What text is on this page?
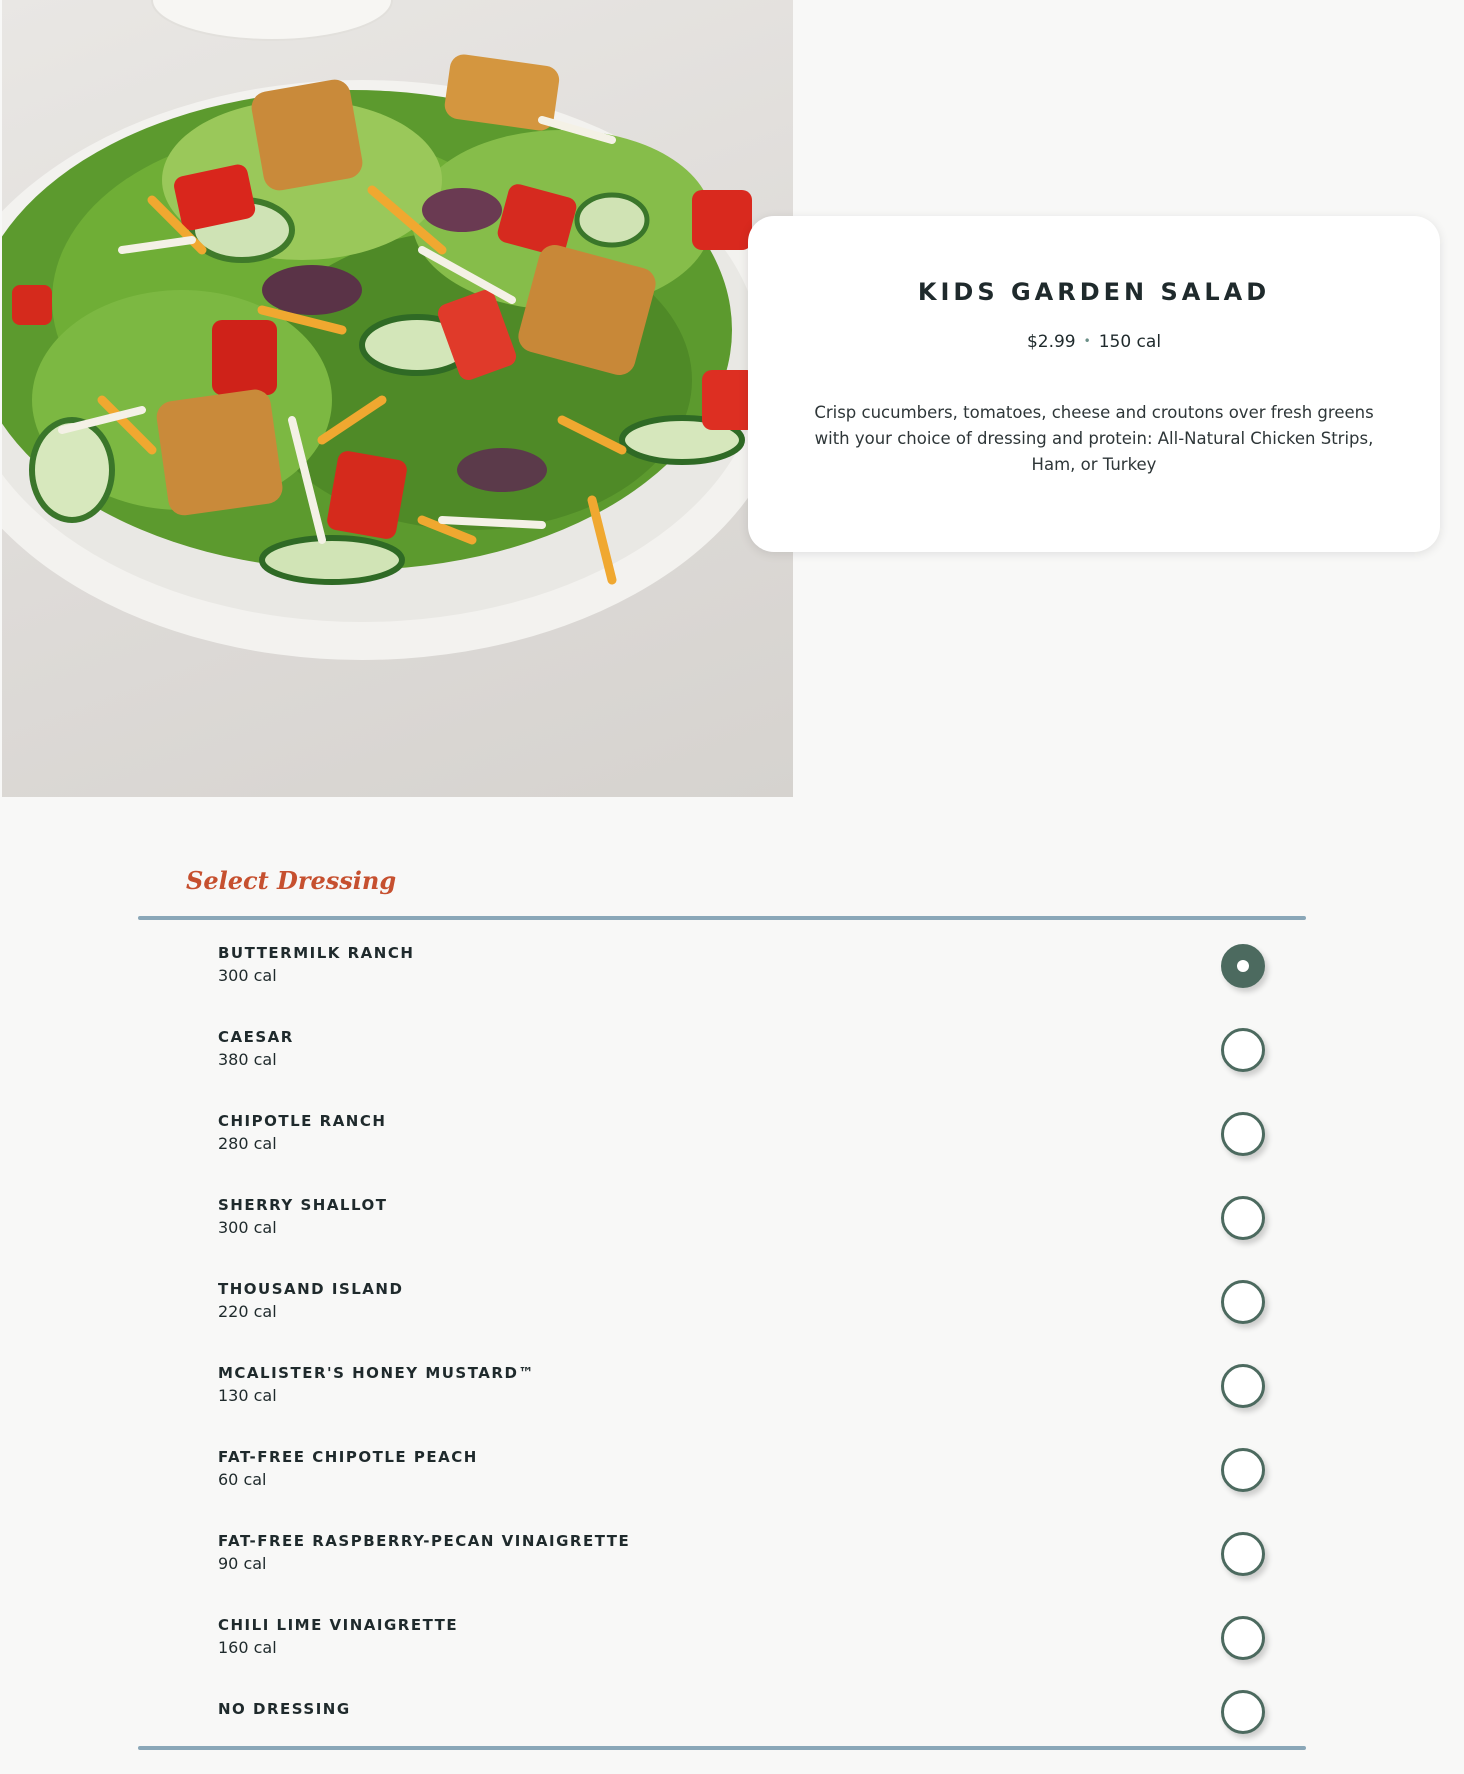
KIDS GARDEN SALAD
$2.99 • 150 cal
Crisp cucumbers, tomatoes, cheese and croutons over fresh greens with your choice of dressing and protein: All-Natural Chicken Strips, Ham, or Turkey
Select Dressing
BUTTERMILK RANCH
300 cal
CAESAR
380 cal
CHIPOTLE RANCH
280 cal
SHERRY SHALLOT
300 cal
THOUSAND ISLAND
220 cal
MCALISTER'S HONEY MUSTARD™
130 cal
FAT-FREE CHIPOTLE PEACH
60 cal
FAT-FREE RASPBERRY-PECAN VINAIGRETTE
90 cal
CHILI LIME VINAIGRETTE
160 cal
NO DRESSING
